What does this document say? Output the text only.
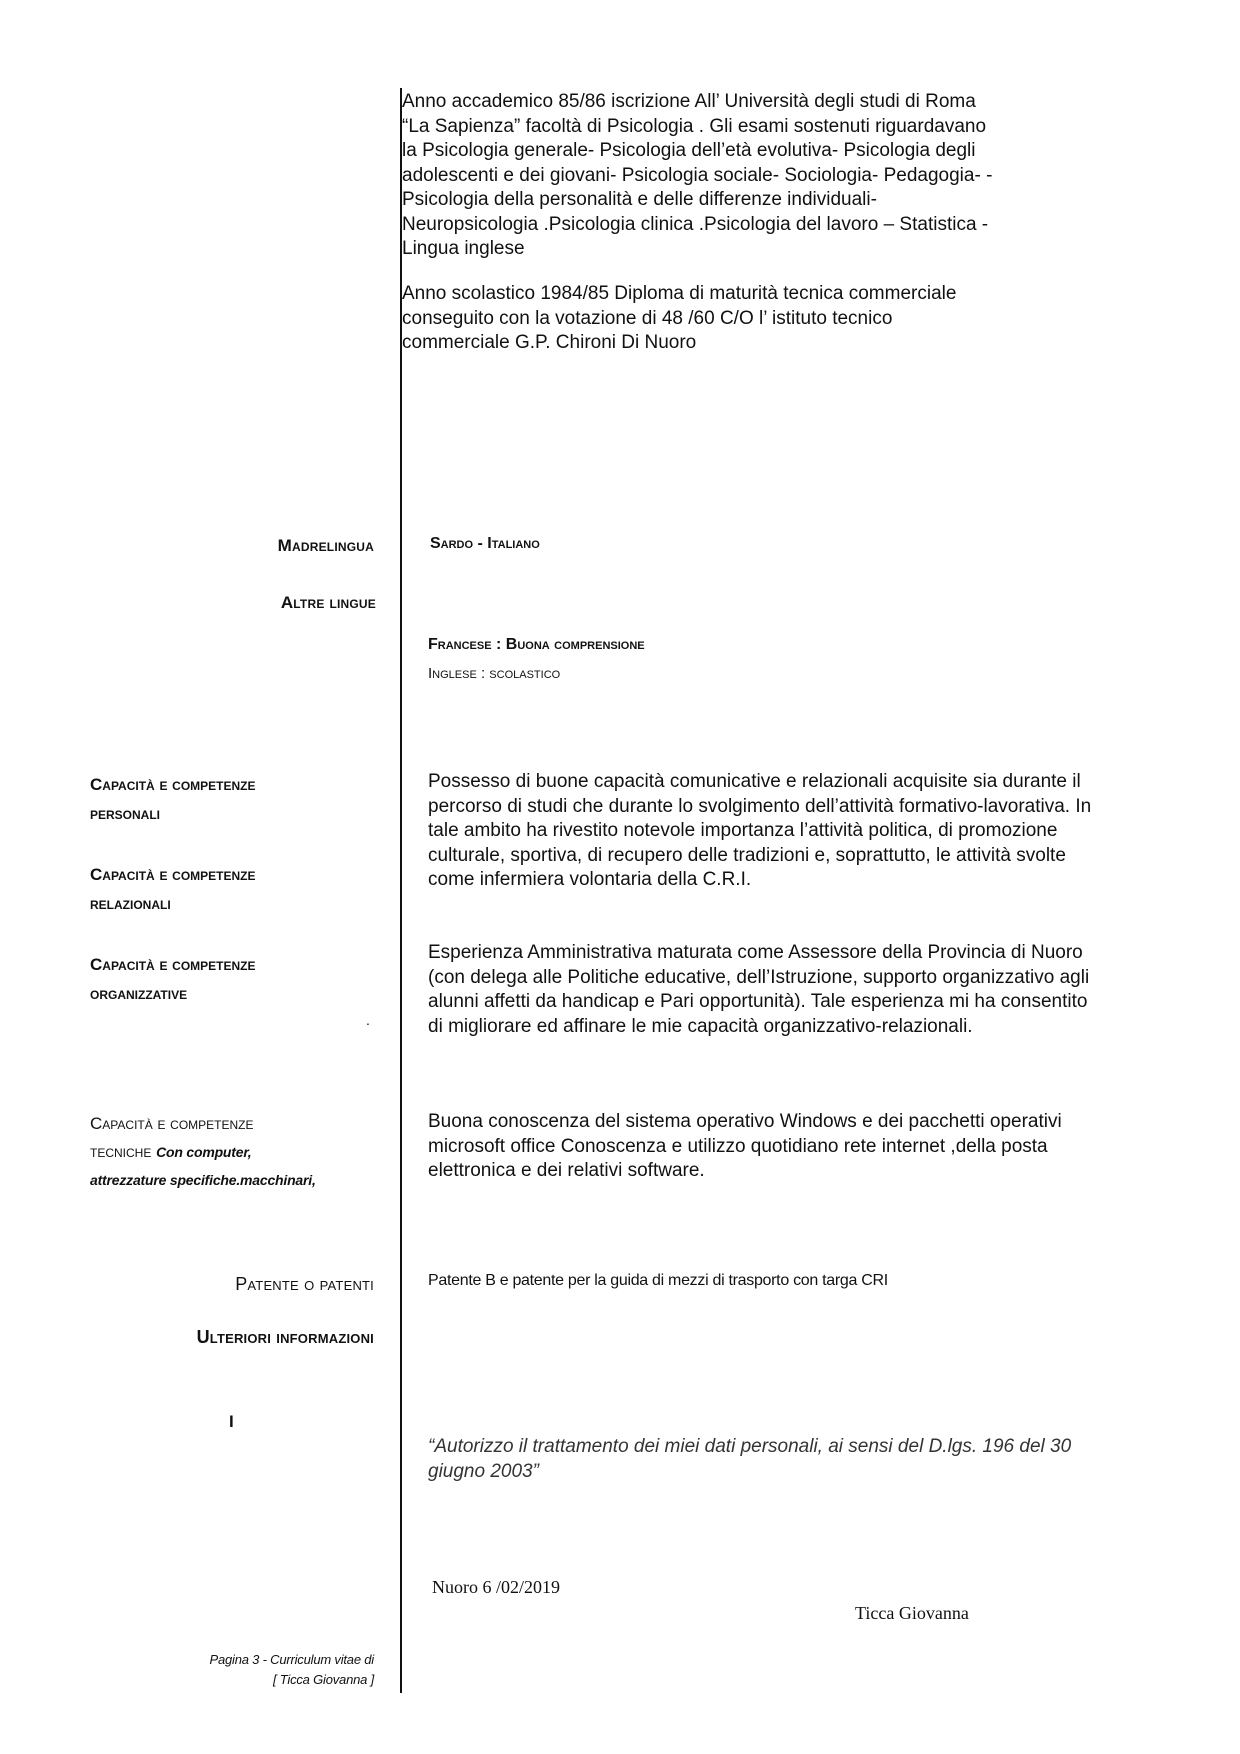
Anno accademico 85/86 iscrizione All’ Università degli studi di Roma
“La Sapienza” facoltà di Psicologia . Gli esami sostenuti riguardavano
la Psicologia generale- Psicologia dell’età evolutiva- Psicologia degli
adolescenti e dei giovani- Psicologia sociale- Sociologia- Pedagogia- -
Psicologia della personalità e delle differenze individuali-
Neuropsicologia .Psicologia clinica .Psicologia del lavoro – Statistica -
Lingua inglese

Anno scolastico 1984/85 Diploma di maturità tecnica commerciale
conseguito con la votazione di 48 /60 C/O l’ istituto tecnico
commerciale G.P. Chironi Di Nuoro

Madrelingua	Sardo - Italiano
Altre lingue
Francese : Buona comprensione
Inglese : scolastico
Capacità e competenze
personali
Capacità e competenze
relazionali
Capacità e competenze
organizzative
.

Possesso di buone capacità comunicative e relazionali acquisite sia durante il
percorso di studi che durante lo svolgimento dell’attività formativo-lavorativa. In
tale ambito ha rivestito notevole importanza l’attività politica, di promozione
culturale, sportiva, di recupero delle tradizioni e, soprattutto, le attività svolte
come infermiera volontaria della C.R.I.

Esperienza Amministrativa maturata come Assessore della Provincia di Nuoro
(con delega alle Politiche educative, dell’Istruzione, supporto organizzativo agli
alunni affetti da handicap e Pari opportunità). Tale esperienza mi ha consentito
di migliorare ed affinare le mie capacità organizzativo-relazionali.

Capacità e competenze
tecniche Con computer,
attrezzature specifiche.macchinari,

Buona conoscenza del sistema operativo Windows e dei pacchetti operativi
microsoft office Conoscenza e utilizzo quotidiano rete internet ,della posta
elettronica e dei relativi software.

Patente o patenti	Patente B e patente per la guida di mezzi di trasporto con targa CRI
Ulteriori informazioni
I

“Autorizzo il trattamento dei miei dati personali, ai sensi del D.lgs. 196 del 30
giugno 2003”

Nuoro 6 /02/2019
Ticca Giovanna
Pagina 3 - Curriculum vitae di
[ Ticca Giovanna ]
